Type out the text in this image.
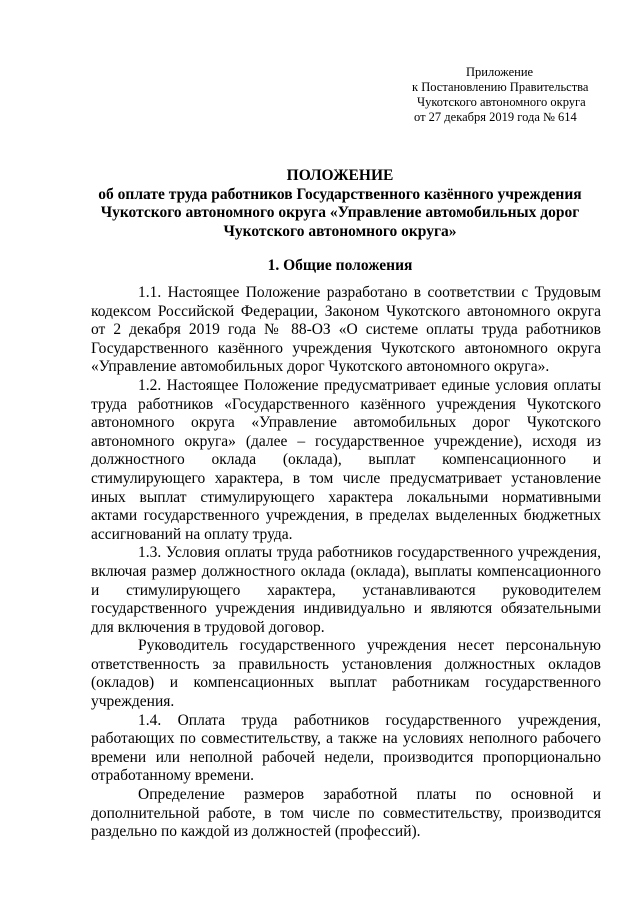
Приложение
к Постановлению Правительства
Чукотского автономного округа
от 27 декабря 2019 года № 614
ПОЛОЖЕНИЕ
об оплате труда работников Государственного казённого учреждения
Чукотского автономного округа «Управление автомобильных дорог
Чукотского автономного округа»
1. Общие положения

1.1. Настоящее Положение разработано в соответствии с Трудовым кодексом Российской Федерации, Законом Чукотского автономного округа от 2 декабря 2019 года № 88-ОЗ «О системе оплаты труда работников Государственного казённого учреждения Чукотского автономного округа «Управление автомобильных дорог Чукотского автономного округа».

1.2. Настоящее Положение предусматривает единые условия оплаты труда работников «Государственного казённого учреждения Чукотского автономного округа «Управление автомобильных дорог Чукотского автономного округа» (далее – государственное учреждение), исходя из должностного оклада (оклада), выплат компенсационного и стимулирующего характера, в том числе предусматривает установление иных выплат стимулирующего характера локальными нормативными актами государственного учреждения, в пределах выделенных бюджетных ассигнований на оплату труда.

1.3. Условия оплаты труда работников государственного учреждения, включая размер должностного оклада (оклада), выплаты компенсационного и стимулирующего характера, устанавливаются руководителем государственного учреждения индивидуально и являются обязательными для включения в трудовой договор.

Руководитель государственного учреждения несет персональную ответственность за правильность установления должностных окладов (окладов) и компенсационных выплат работникам государственного учреждения.

1.4. Оплата труда работников государственного учреждения, работающих по совместительству, а также на условиях неполного рабочего времени или неполной рабочей недели, производится пропорционально отработанному времени.

Определение размеров заработной платы по основной и дополнительной работе, в том числе по совместительству, производится раздельно по каждой из должностей (профессий).
